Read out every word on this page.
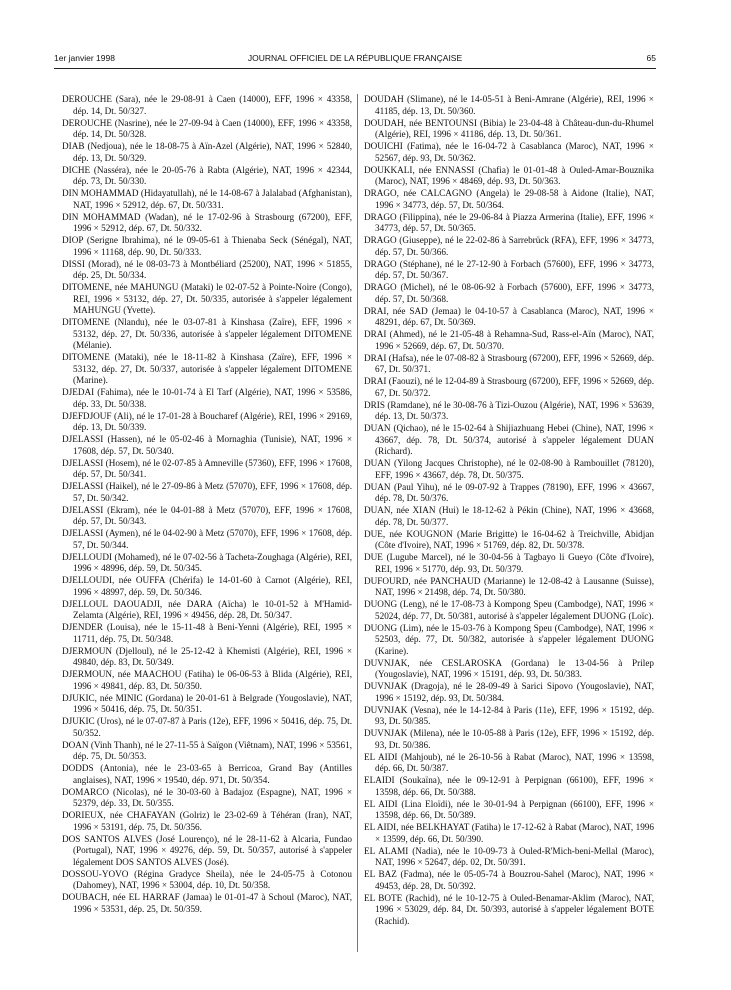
1er janvier 1998	JOURNAL OFFICIEL DE LA RÉPUBLIQUE FRANÇAISE	65

DEROUCHE (Sara), née le 29-08-91 à Caen (14000), EFF, 1996 × 43358, dép. 14, Dt. 50/327.

DEROUCHE (Nasrine), née le 27-09-94 à Caen (14000), EFF, 1996 × 43358, dép. 14, Dt. 50/328.

DIAB (Nedjoua), née le 18-08-75 à Aïn-Azel (Algérie), NAT, 1996 × 52840, dép. 13, Dt. 50/329.

DICHE (Nasséra), née le 20-05-76 à Rabta (Algérie), NAT, 1996 × 42344, dép. 73, Dt. 50/330.

DIN MOHAMMAD (Hidayatullah), né le 14-08-67 à Jalalabad (Afghanistan), NAT, 1996 × 52912, dép. 67, Dt. 50/331.

DIN MOHAMMAD (Wadan), né le 17-02-96 à Strasbourg (67200), EFF, 1996 × 52912, dép. 67, Dt. 50/332.

DIOP (Serigne Ibrahima), né le 09-05-61 à Thienaba Seck (Sénégal), NAT, 1996 × 11168, dép. 90, Dt. 50/333.

DISSI (Morad), né le 08-03-73 à Montbéliard (25200), NAT, 1996 × 51855, dép. 25, Dt. 50/334.

DITOMENE, née MAHUNGU (Mataki) le 02-07-52 à Pointe-Noire (Congo), REI, 1996 × 53132, dép. 27, Dt. 50/335, autorisée à s'appeler légalement MAHUNGU (Yvette).

DITOMENE (Nlandu), née le 03-07-81 à Kinshasa (Zaïre), EFF, 1996 × 53132, dép. 27, Dt. 50/336, autorisée à s'appeler légalement DITOMENE (Mélanie).

DITOMENE (Mataki), née le 18-11-82 à Kinshasa (Zaïre), EFF, 1996 × 53132, dép. 27, Dt. 50/337, autorisée à s'appeler légalement DITOMENE (Marine).

DJEDAI (Fahima), née le 10-01-74 à El Tarf (Algérie), NAT, 1996 × 53586, dép. 33, Dt. 50/338.

DJEFDJOUF (Ali), né le 17-01-28 à Boucharef (Algérie), REI, 1996 × 29169, dép. 13, Dt. 50/339.

DJELASSI (Hassen), né le 05-02-46 à Mornaghia (Tunisie), NAT, 1996 × 17608, dép. 57, Dt. 50/340.

DJELASSI (Hosem), né le 02-07-85 à Amneville (57360), EFF, 1996 × 17608, dép. 57, Dt. 50/341.

DJELASSI (Haikel), né le 27-09-86 à Metz (57070), EFF, 1996 × 17608, dép. 57, Dt. 50/342.

DJELASSI (Ekram), née le 04-01-88 à Metz (57070), EFF, 1996 × 17608, dép. 57, Dt. 50/343.

DJELASSI (Aymen), né le 04-02-90 à Metz (57070), EFF, 1996 × 17608, dép. 57, Dt. 50/344.

DJELLOUDI (Mohamed), né le 07-02-56 à Tacheta-Zoughaga (Algérie), REI, 1996 × 48996, dép. 59, Dt. 50/345.

DJELLOUDI, née OUFFA (Chérifa) le 14-01-60 à Carnot (Algérie), REI, 1996 × 48997, dép. 59, Dt. 50/346.

DJELLOUL DAOUADJI, née DARA (Aïcha) le 10-01-52 à M'Hamid-Zelamta (Algérie), REI, 1996 × 49456, dép. 28, Dt. 50/347.

DJENDER (Louisa), née le 15-11-48 à Beni-Yenni (Algérie), REI, 1995 × 11711, dép. 75, Dt. 50/348.

DJERMOUN (Djelloul), né le 25-12-42 à Khemisti (Algérie), REI, 1996 × 49840, dép. 83, Dt. 50/349.

DJERMOUN, née MAACHOU (Fatiha) le 06-06-53 à Blida (Algérie), REI, 1996 × 49841, dép. 83, Dt. 50/350.

DJUKIC, née MINIC (Gordana) le 20-01-61 à Belgrade (Yougoslavie), NAT, 1996 × 50416, dép. 75, Dt. 50/351.

DJUKIC (Uros), né le 07-07-87 à Paris (12e), EFF, 1996 × 50416, dép. 75, Dt. 50/352.

DOAN (Vinh Thanh), né le 27-11-55 à Saïgon (Viêtnam), NAT, 1996 × 53561, dép. 75, Dt. 50/353.

DODDS (Antonia), née le 23-03-65 à Berricoa, Grand Bay (Antilles anglaises), NAT, 1996 × 19540, dép. 971, Dt. 50/354.

DOMARCO (Nicolas), né le 30-03-60 à Badajoz (Espagne), NAT, 1996 × 52379, dép. 33, Dt. 50/355.

DORIEUX, née CHAFAYAN (Golriz) le 23-02-69 à Téhéran (Iran), NAT, 1996 × 53191, dép. 75, Dt. 50/356.

DOS SANTOS ALVES (José Lourenço), né le 28-11-62 à Alcaria, Fundao (Portugal), NAT, 1996 × 49276, dép. 59, Dt. 50/357, autorisé à s'appeler légalement DOS SANTOS ALVES (José).

DOSSOU-YOVO (Régina Gradyce Sheila), née le 24-05-75 à Cotonou (Dahomey), NAT, 1996 × 53004, dép. 10, Dt. 50/358.

DOUBACH, née EL HARRAF (Jamaa) le 01-01-47 à Schoul (Maroc), NAT, 1996 × 53531, dép. 25, Dt. 50/359.

DOUDAH (Slimane), né le 14-05-51 à Beni-Amrane (Algérie), REI, 1996 × 41185, dép. 13, Dt. 50/360.

DOUDAH, née BENTOUNSI (Bibia) le 23-04-48 à Château-dun-du-Rhumel (Algérie), REI, 1996 × 41186, dép. 13, Dt. 50/361.

DOUICHI (Fatima), née le 16-04-72 à Casablanca (Maroc), NAT, 1996 × 52567, dép. 93, Dt. 50/362.

DOUKKALI, née ENNASSI (Chafia) le 01-01-48 à Ouled-Amar-Bouznika (Maroc), NAT, 1996 × 48469, dép. 93, Dt. 50/363.

DRAGO, née CALCAGNO (Angela) le 29-08-58 à Aidone (Italie), NAT, 1996 × 34773, dép. 57, Dt. 50/364.

DRAGO (Filippina), née le 29-06-84 à Piazza Armerina (Italie), EFF, 1996 × 34773, dép. 57, Dt. 50/365.

DRAGO (Giuseppe), né le 22-02-86 à Sarrebrück (RFA), EFF, 1996 × 34773, dép. 57, Dt. 50/366.

DRAGO (Stéphane), né le 27-12-90 à Forbach (57600), EFF, 1996 × 34773, dép. 57, Dt. 50/367.

DRAGO (Michel), né le 08-06-92 à Forbach (57600), EFF, 1996 × 34773, dép. 57, Dt. 50/368.

DRAI, née SAD (Jemaa) le 04-10-57 à Casablanca (Maroc), NAT, 1996 × 48291, dép. 67, Dt. 50/369.

DRAI (Ahmed), né le 21-05-48 à Rehamna-Sud, Rass-el-Aïn (Maroc), NAT, 1996 × 52669, dép. 67, Dt. 50/370.

DRAI (Hafsa), née le 07-08-82 à Strasbourg (67200), EFF, 1996 × 52669, dép. 67, Dt. 50/371.

DRAI (Faouzi), né le 12-04-89 à Strasbourg (67200), EFF, 1996 × 52669, dép. 67, Dt. 50/372.

DRIS (Ramdane), né le 30-08-76 à Tizi-Ouzou (Algérie), NAT, 1996 × 53639, dép. 13, Dt. 50/373.

DUAN (Qichao), né le 15-02-64 à Shijiazhuang Hebei (Chine), NAT, 1996 × 43667, dép. 78, Dt. 50/374, autorisé à s'appeler légalement DUAN (Richard).

DUAN (Yilong Jacques Christophe), né le 02-08-90 à Rambouillet (78120), EFF, 1996 × 43667, dép. 78, Dt. 50/375.

DUAN (Paul Yihu), né le 09-07-92 à Trappes (78190), EFF, 1996 × 43667, dép. 78, Dt. 50/376.

DUAN, née XIAN (Hui) le 18-12-62 à Pékin (Chine), NAT, 1996 × 43668, dép. 78, Dt. 50/377.

DUE, née KOUGNON (Marie Brigitte) le 16-04-62 à Treichville, Abidjan (Côte d'Ivoire), NAT, 1996 × 51769, dép. 82, Dt. 50/378.

DUE (Lugube Marcel), né le 30-04-56 à Tagbayo li Gueyo (Côte d'Ivoire), REI, 1996 × 51770, dép. 93, Dt. 50/379.

DUFOURD, née PANCHAUD (Marianne) le 12-08-42 à Lausanne (Suisse), NAT, 1996 × 21498, dép. 74, Dt. 50/380.

DUONG (Leng), né le 17-08-73 à Kompong Speu (Cambodge), NAT, 1996 × 52024, dép. 77, Dt. 50/381, autorisé à s'appeler légalement DUONG (Loïc).

DUONG (Lim), née le 15-03-76 à Kompong Speu (Cambodge), NAT, 1996 × 52503, dép. 77, Dt. 50/382, autorisée à s'appeler légalement DUONG (Karine).

DUVNJAK, née CESLAROSKA (Gordana) le 13-04-56 à Prilep (Yougoslavie), NAT, 1996 × 15191, dép. 93, Dt. 50/383.

DUVNJAK (Dragoja), né le 28-09-49 à Sarici Sipovo (Yougoslavie), NAT, 1996 × 15192, dép. 93, Dt. 50/384.

DUVNJAK (Vesna), née le 14-12-84 à Paris (11e), EFF, 1996 × 15192, dép. 93, Dt. 50/385.

DUVNJAK (Milena), née le 10-05-88 à Paris (12e), EFF, 1996 × 15192, dép. 93, Dt. 50/386.

EL AIDI (Mahjoub), né le 26-10-56 à Rabat (Maroc), NAT, 1996 × 13598, dép. 66, Dt. 50/387.

ELAIDI (Soukaïna), née le 09-12-91 à Perpignan (66100), EFF, 1996 × 13598, dép. 66, Dt. 50/388.

EL AIDI (Lina Eloïdi), née le 30-01-94 à Perpignan (66100), EFF, 1996 × 13598, dép. 66, Dt. 50/389.

EL AIDI, née BELKHAYAT (Fatiha) le 17-12-62 à Rabat (Maroc), NAT, 1996 × 13599, dép. 66, Dt. 50/390.

EL ALAMI (Nadia), née le 10-09-73 à Ouled-R'Mich-beni-Mellal (Maroc), NAT, 1996 × 52647, dép. 02, Dt. 50/391.

EL BAZ (Fadma), née le 05-05-74 à Bouzrou-Sahel (Maroc), NAT, 1996 × 49453, dép. 28, Dt. 50/392.

EL BOTE (Rachid), né le 10-12-75 à Ouled-Benamar-Aklim (Maroc), NAT, 1996 × 53029, dép. 84, Dt. 50/393, autorisé à s'appeler légalement BOTE (Rachid).
